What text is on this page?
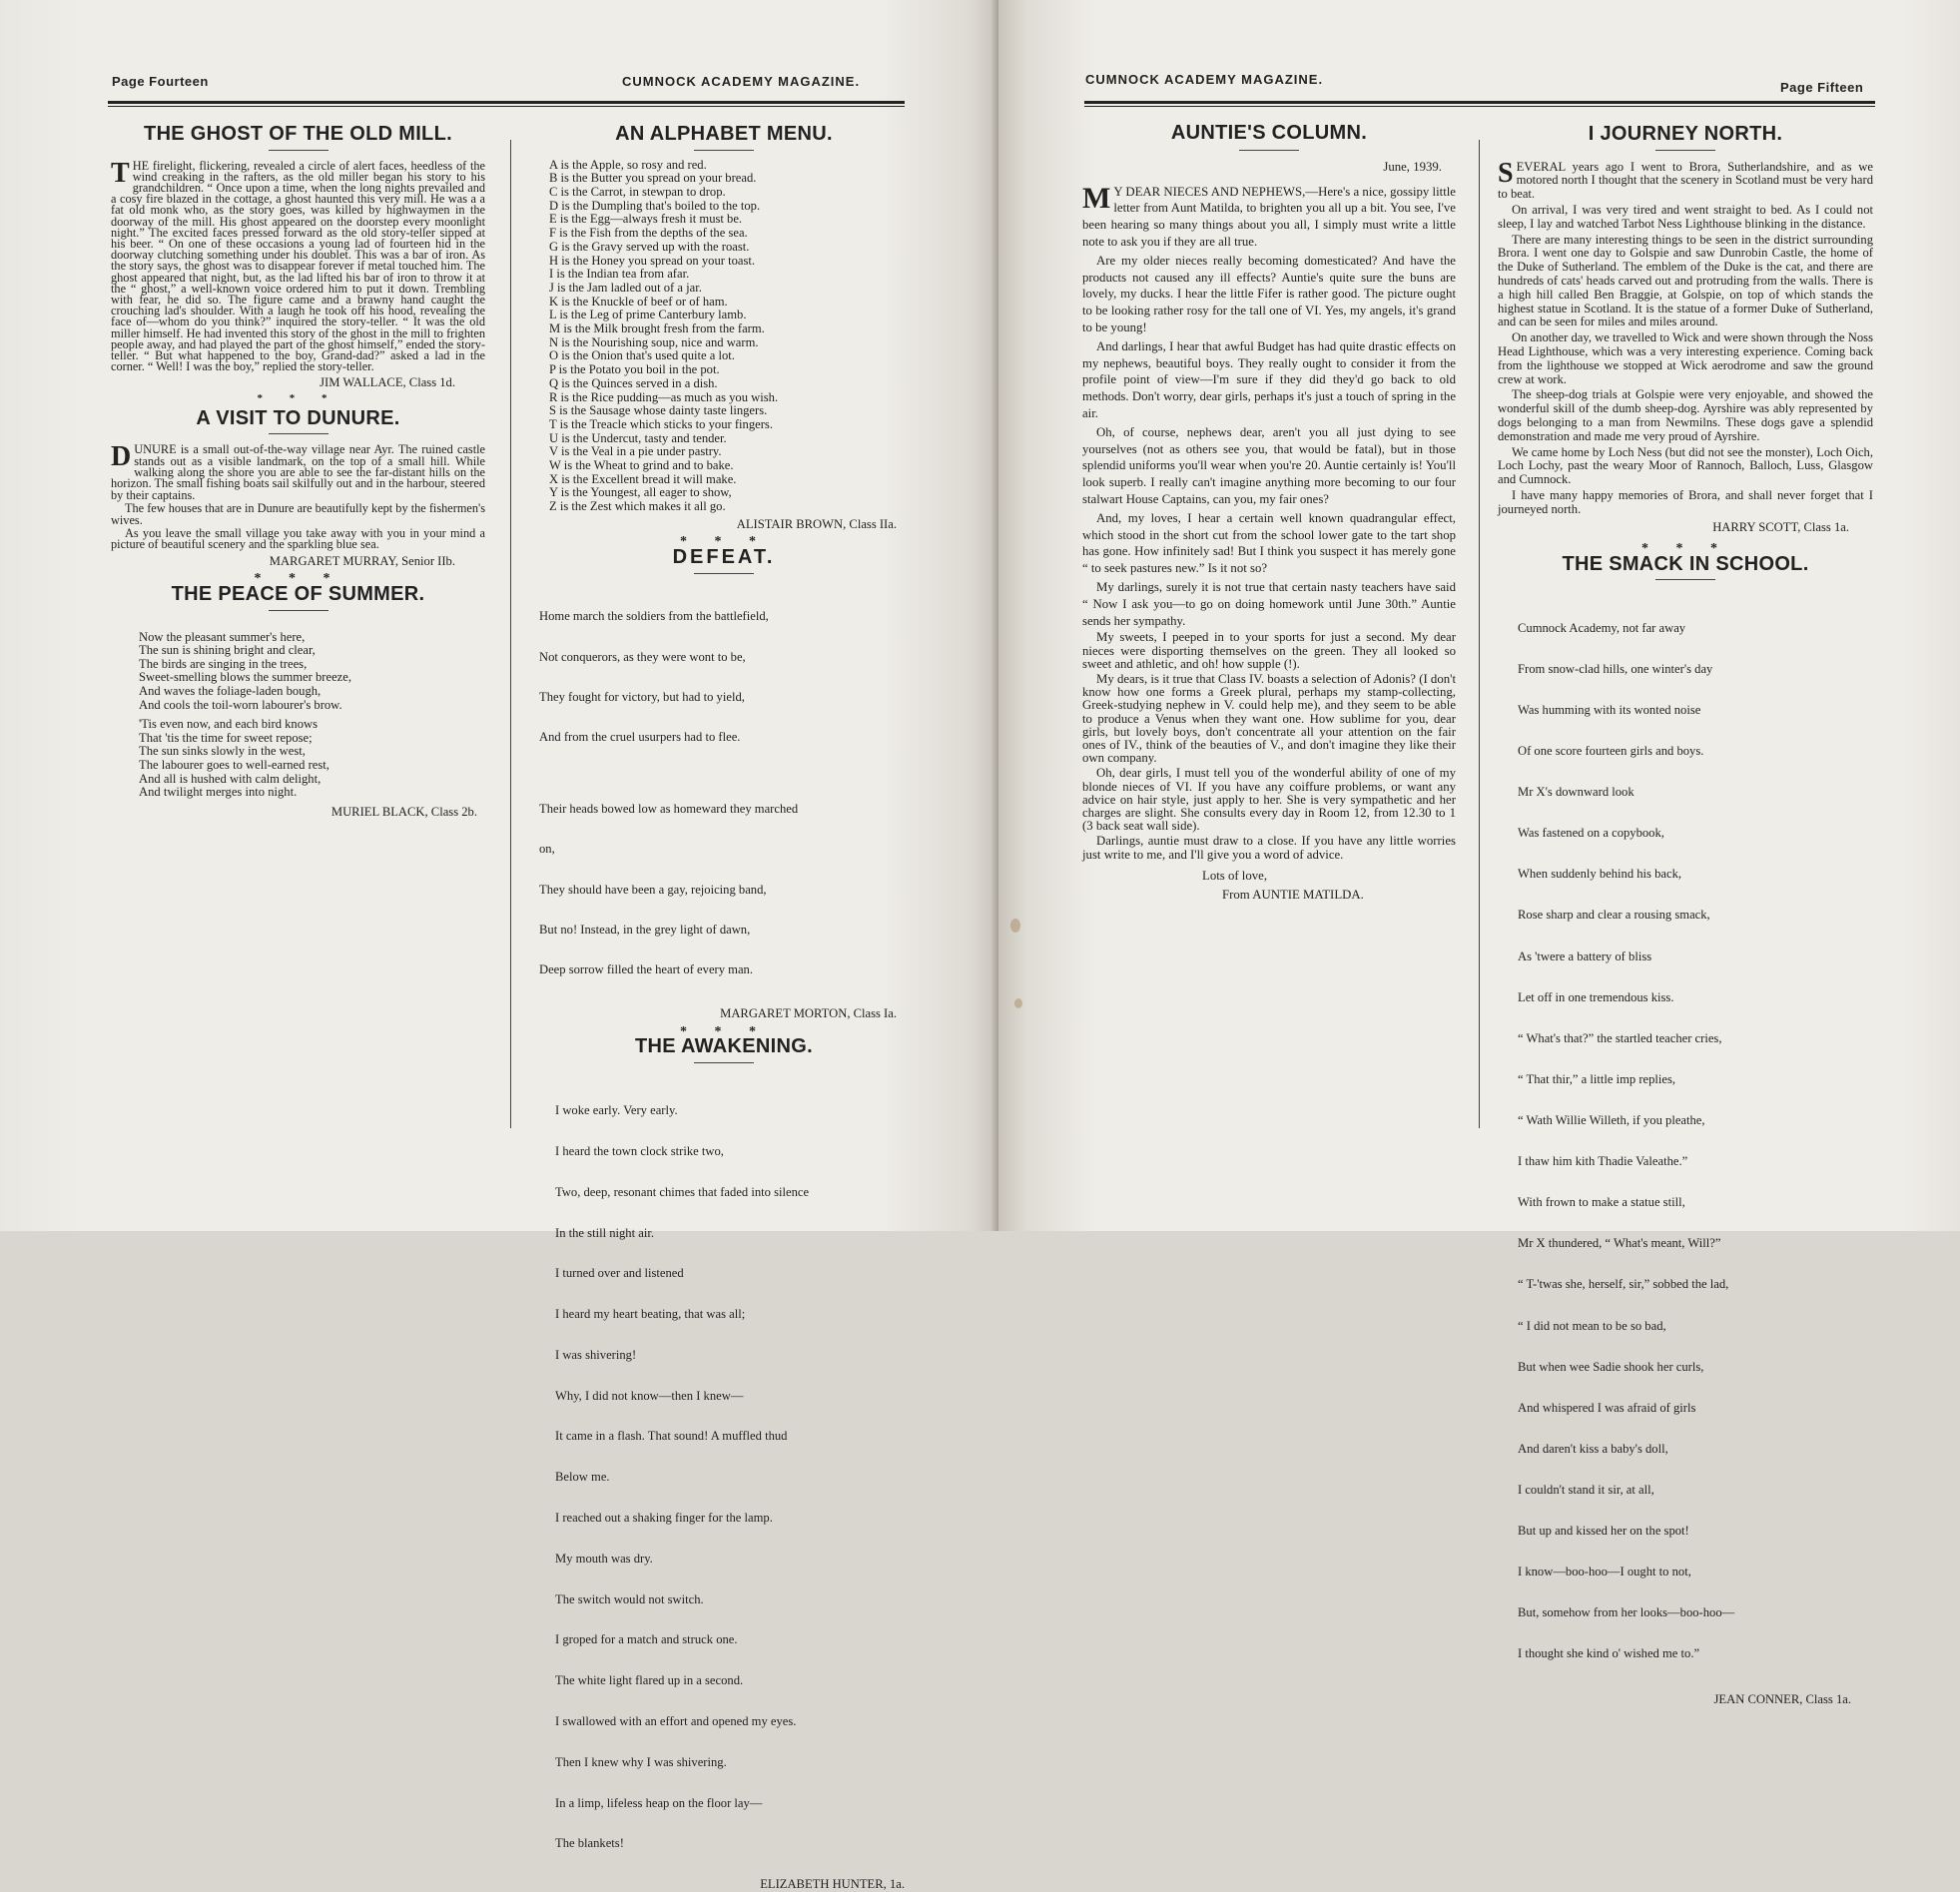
Page Fourteen	CUMNOCK ACADEMY MAGAZINE.
THE GHOST OF THE OLD MILL.

THE firelight, flickering, revealed a circle of alert faces, heedless of the wind creaking in the rafters, as the old miller began his story to his grandchildren. “ Once upon a time, when the long nights prevailed and a cosy fire blazed in the cottage, a ghost haunted this very mill. He was a a fat old monk who, as the story goes, was killed by highwaymen in the doorway of the mill. His ghost appeared on the doorstep every moonlight night.” The excited faces pressed forward as the old story-teller sipped at his beer. “ On one of these occasions a young lad of fourteen hid in the doorway clutching something under his doublet. This was a bar of iron. As the story says, the ghost was to disappear forever if metal touched him. The ghost appeared that night, but, as the lad lifted his bar of iron to throw it at the “ ghost,” a well-known voice ordered him to put it down. Trembling with fear, he did so. The figure came and a brawny hand caught the crouching lad's shoulder. With a laugh he took off his hood, revealing the face of—whom do you think?” inquired the story-teller. “ It was the old miller himself. He had invented this story of the ghost in the mill to frighten people away, and had played the part of the ghost himself,” ended the story-teller. “ But what happened to the boy, Grand-dad?” asked a lad in the corner. “ Well! I was the boy,” replied the story-teller.

JIM WALLACE, Class 1d.
* * *
A VISIT TO DUNURE.

DUNURE is a small out-of-the-way village near Ayr. The ruined castle stands out as a visible landmark, on the top of a small hill. While walking along the shore you are able to see the far-distant hills on the horizon. The small fishing boats sail skilfully out and in the harbour, steered by their captains.

The few houses that are in Dunure are beautifully kept by the fishermen's wives.

As you leave the small village you take away with you in your mind a picture of beautiful scenery and the sparkling blue sea.

MARGARET MURRAY, Senior IIb.
* * *
THE PEACE OF SUMMER.
Now the pleasant summer's here,
The sun is shining bright and clear,
The birds are singing in the trees,
Sweet-smelling blows the summer breeze,
And waves the foliage-laden bough,
And cools the toil-worn labourer's brow.
'Tis even now, and each bird knows
That 'tis the time for sweet repose;
The sun sinks slowly in the west,
The labourer goes to well-earned rest,
And all is hushed with calm delight,
And twilight merges into night.
MURIEL BLACK, Class 2b.
AN ALPHABET MENU.
A is the Apple, so rosy and red.
B is the Butter you spread on your bread.
C is the Carrot, in stewpan to drop.
D is the Dumpling that's boiled to the top.
E is the Egg—always fresh it must be.
F is the Fish from the depths of the sea.
G is the Gravy served up with the roast.
H is the Honey you spread on your toast.
I is the Indian tea from afar.
J is the Jam ladled out of a jar.
K is the Knuckle of beef or of ham.
L is the Leg of prime Canterbury lamb.
M is the Milk brought fresh from the farm.
N is the Nourishing soup, nice and warm.
O is the Onion that's used quite a lot.
P is the Potato you boil in the pot.
Q is the Quinces served in a dish.
R is the Rice pudding—as much as you wish.
S is the Sausage whose dainty taste lingers.
T is the Treacle which sticks to your fingers.
U is the Undercut, tasty and tender.
V is the Veal in a pie under pastry.
W is the Wheat to grind and to bake.
X is the Excellent bread it will make.
Y is the Youngest, all eager to show,
Z is the Zest which makes it all go.
ALISTAIR BROWN, Class IIa.
* * *
DEFEAT.

Home march the soldiers from the battlefield,

Not conquerors, as they were wont to be,

They fought for victory, but had to yield,

And from the cruel usurpers had to flee.

Their heads bowed low as homeward they marched

on,

They should have been a gay, rejoicing band,

But no! Instead, in the grey light of dawn,

Deep sorrow filled the heart of every man.

MARGARET MORTON, Class Ia.
* * *
THE AWAKENING.

I woke early. Very early.

I heard the town clock strike two,

Two, deep, resonant chimes that faded into silence

In the still night air.

I turned over and listened

I heard my heart beating, that was all;

I was shivering!

Why, I did not know—then I knew—

It came in a flash. That sound! A muffled thud

Below me.

I reached out a shaking finger for the lamp.

My mouth was dry.

The switch would not switch.

I groped for a match and struck one.

The white light flared up in a second.

I swallowed with an effort and opened my eyes.

Then I knew why I was shivering.

In a limp, lifeless heap on the floor lay—

The blankets!

ELIZABETH HUNTER, 1a.
CUMNOCK ACADEMY MAGAZINE.
Page Fifteen
AUNTIE'S COLUMN.
June, 1939.

M Y DEAR NIECES AND NEPHEWS,—Here's a nice, gossipy little letter from Aunt Matilda, to brighten you all up a bit. You see, I've been hearing so many things about you all, I simply must write a little note to ask you if they are all true.

Are my older nieces really becoming domesticated? And have the products not caused any ill effects? Auntie's quite sure the buns are lovely, my ducks. I hear the little Fifer is rather good. The picture ought to be looking rather rosy for the tall one of VI. Yes, my angels, it's grand to be young!

And darlings, I hear that awful Budget has had quite drastic effects on my nephews, beautiful boys. They really ought to consider it from the profile point of view—I'm sure if they did they'd go back to old methods. Don't worry, dear girls, perhaps it's just a touch of spring in the air.

Oh, of course, nephews dear, aren't you all just dying to see yourselves (not as others see you, that would be fatal), but in those splendid uniforms you'll wear when you're 20. Auntie certainly is! You'll look superb. I really can't imagine anything more becoming to our four stalwart House Captains, can you, my fair ones?

And, my loves, I hear a certain well known quadrangular effect, which stood in the short cut from the school lower gate to the tart shop has gone. How infinitely sad! But I think you suspect it has merely gone “ to seek pastures new.” Is it not so?

My darlings, surely it is not true that certain nasty teachers have said “ Now I ask you—to go on doing homework until June 30th.” Auntie sends her sympathy.

My sweets, I peeped in to your sports for just a second. My dear nieces were disporting themselves on the green. They all looked so sweet and athletic, and oh! how supple (!).

My dears, is it true that Class IV. boasts a selection of Adonis? (I don't know how one forms a Greek plural, perhaps my stamp-collecting, Greek-studying nephew in V. could help me), and they seem to be able to produce a Venus when they want one. How sublime for you, dear girls, but lovely boys, don't concentrate all your attention on the fair ones of IV., think of the beauties of V., and don't imagine they like their own company.

Oh, dear girls, I must tell you of the wonderful ability of one of my blonde nieces of VI. If you have any coiffure problems, or want any advice on hair style, just apply to her. She is very sympathetic and her charges are slight. She consults every day in Room 12, from 12.30 to 1 (3 back seat wall side).

Darlings, auntie must draw to a close. If you have any little worries just write to me, and I'll give you a word of advice.

Lots of love,
From AUNTIE MATILDA.
I JOURNEY NORTH.

SEVERAL years ago I went to Brora, Sutherlandshire, and as we motored north I thought that the scenery in Scotland must be very hard to beat.

On arrival, I was very tired and went straight to bed. As I could not sleep, I lay and watched Tarbot Ness Lighthouse blinking in the distance.

There are many interesting things to be seen in the district surrounding Brora. I went one day to Golspie and saw Dunrobin Castle, the home of the Duke of Sutherland. The emblem of the Duke is the cat, and there are hundreds of cats' heads carved out and protruding from the walls. There is a high hill called Ben Braggie, at Golspie, on top of which stands the highest statue in Scotland. It is the statue of a former Duke of Sutherland, and can be seen for miles and miles around.

On another day, we travelled to Wick and were shown through the Noss Head Lighthouse, which was a very interesting experience. Coming back from the lighthouse we stopped at Wick aerodrome and saw the ground crew at work.

The sheep-dog trials at Golspie were very enjoyable, and showed the wonderful skill of the dumb sheep-dog. Ayrshire was ably represented by dogs belonging to a man from Newmilns. These dogs gave a splendid demonstration and made me very proud of Ayrshire.

We came home by Loch Ness (but did not see the monster), Loch Oich, Loch Lochy, past the weary Moor of Rannoch, Balloch, Luss, Glasgow and Cumnock.

I have many happy memories of Brora, and shall never forget that I journeyed north.

HARRY SCOTT, Class 1a.
* * *
THE SMACK IN SCHOOL.

Cumnock Academy, not far away

From snow-clad hills, one winter's day

Was humming with its wonted noise

Of one score fourteen girls and boys.

Mr X's downward look

Was fastened on a copybook,

When suddenly behind his back,

Rose sharp and clear a rousing smack,

As 'twere a battery of bliss

Let off in one tremendous kiss.

“ What's that?” the startled teacher cries,

“ That thir,” a little imp replies,

“ Wath Willie Willeth, if you pleathe,

I thaw him kith Thadie Valeathe.”

With frown to make a statue still,

Mr X thundered, “ What's meant, Will?”

“ T-'twas she, herself, sir,” sobbed the lad,

“ I did not mean to be so bad,

But when wee Sadie shook her curls,

And whispered I was afraid of girls

And daren't kiss a baby's doll,

I couldn't stand it sir, at all,

But up and kissed her on the spot!

I know—boo-hoo—I ought to not,

But, somehow from her looks—boo-hoo—

I thought she kind o' wished me to.”

JEAN CONNER, Class 1a.
